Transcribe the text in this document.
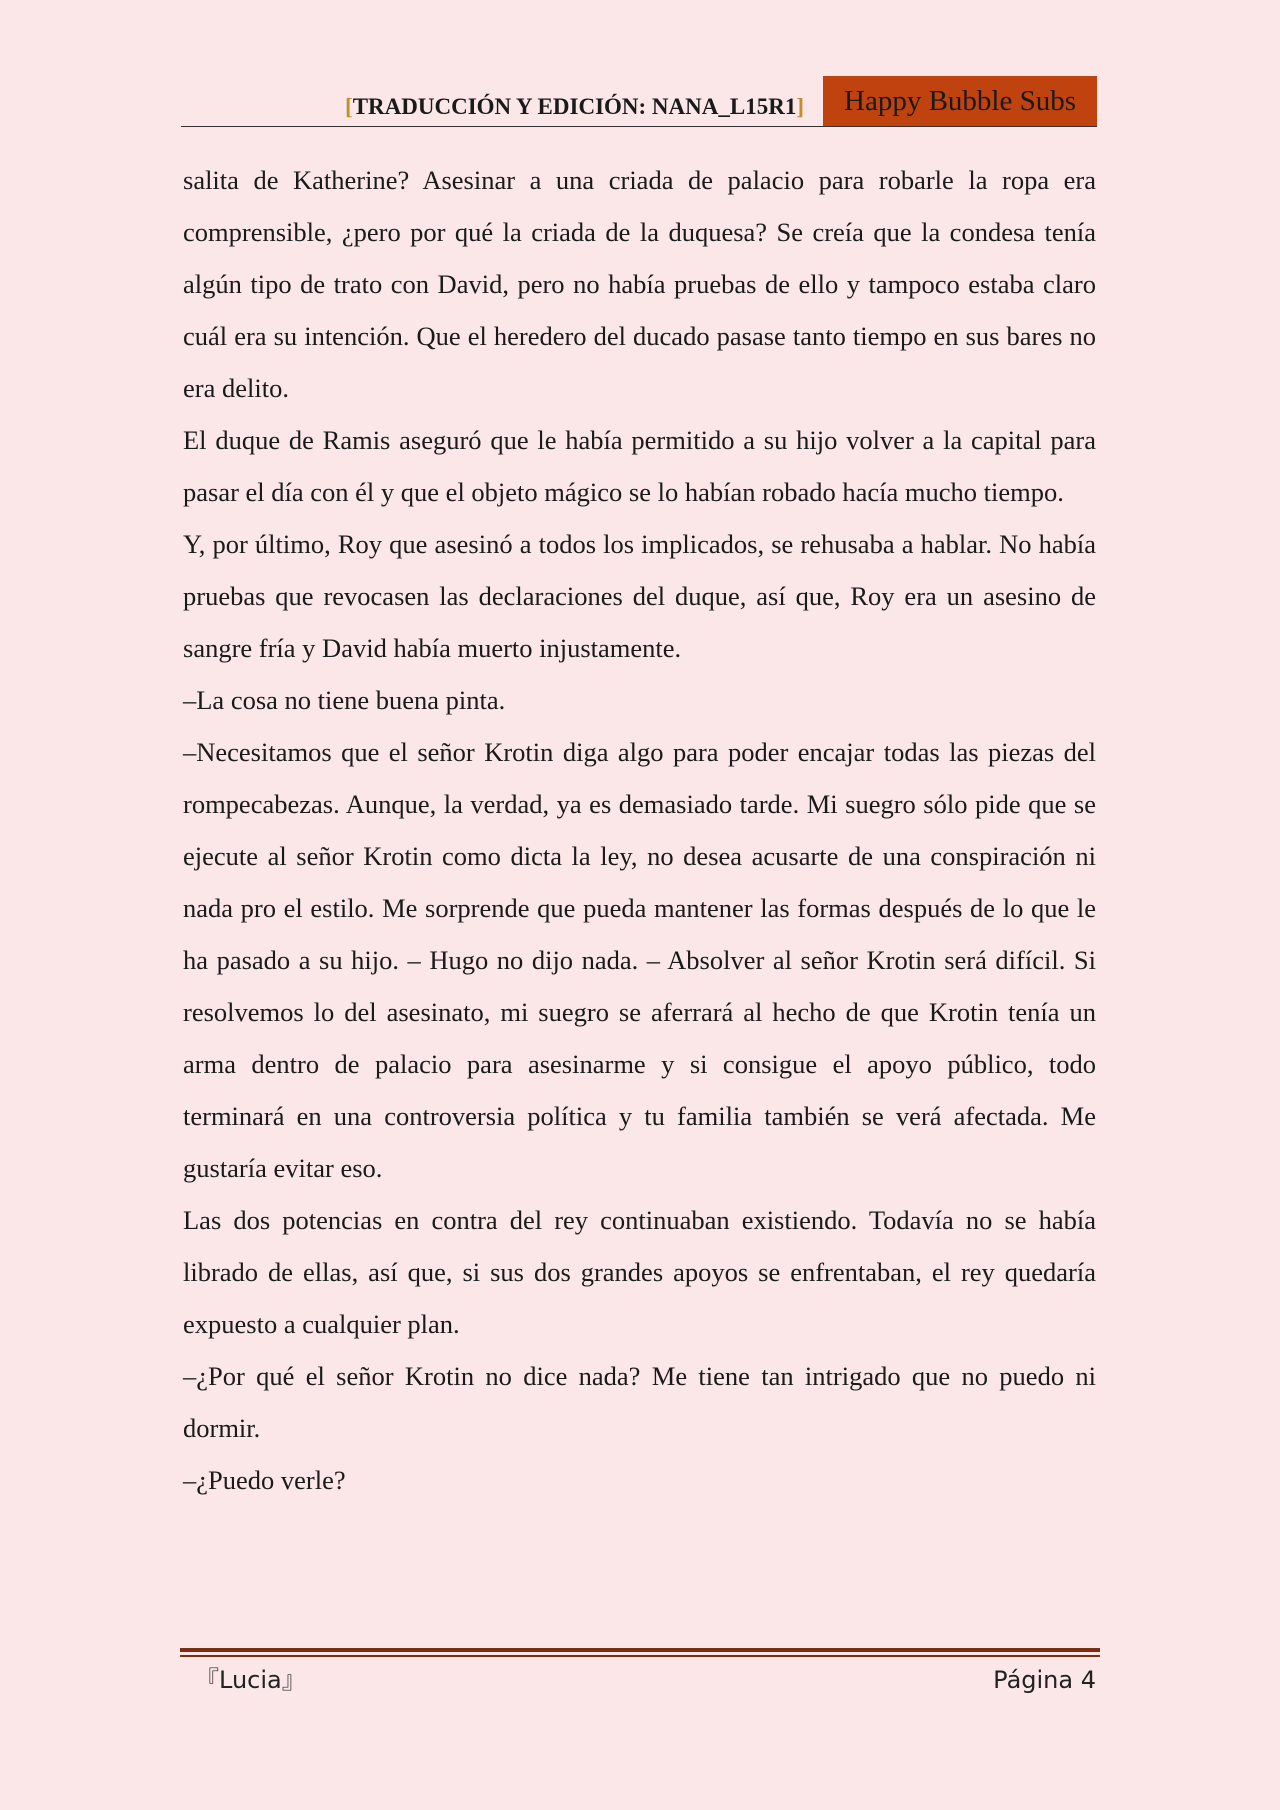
[TRADUCCIÓN Y EDICIÓN: NANA_L15R1]	Happy Bubble Subs

salita de Katherine? Asesinar a una criada de palacio para robarle la ropa era comprensible, ¿pero por qué la criada de la duquesa? Se creía que la condesa tenía algún tipo de trato con David, pero no había pruebas de ello y tampoco estaba claro cuál era su intención. Que el heredero del ducado pasase tanto tiempo en sus bares no era delito.

El duque de Ramis aseguró que le había permitido a su hijo volver a la capital para pasar el día con él y que el objeto mágico se lo habían robado hacía mucho tiempo.

Y, por último, Roy que asesinó a todos los implicados, se rehusaba a hablar. No había pruebas que revocasen las declaraciones del duque, así que, Roy era un asesino de sangre fría y David había muerto injustamente.

–La cosa no tiene buena pinta.

–Necesitamos que el señor Krotin diga algo para poder encajar todas las piezas del rompecabezas. Aunque, la verdad, ya es demasiado tarde. Mi suegro sólo pide que se ejecute al señor Krotin como dicta la ley, no desea acusarte de una conspiración ni nada pro el estilo. Me sorprende que pueda mantener las formas después de lo que le ha pasado a su hijo. – Hugo no dijo nada. – Absolver al señor Krotin será difícil. Si resolvemos lo del asesinato, mi suegro se aferrará al hecho de que Krotin tenía un arma dentro de palacio para asesinarme y si consigue el apoyo público, todo terminará en una controversia política y tu familia también se verá afectada. Me gustaría evitar eso.

Las dos potencias en contra del rey continuaban existiendo. Todavía no se había librado de ellas, así que, si sus dos grandes apoyos se enfrentaban, el rey quedaría expuesto a cualquier plan.

–¿Por qué el señor Krotin no dice nada? Me tiene tan intrigado que no puedo ni dormir.

–¿Puedo verle?

『Lucia』	Página 4
